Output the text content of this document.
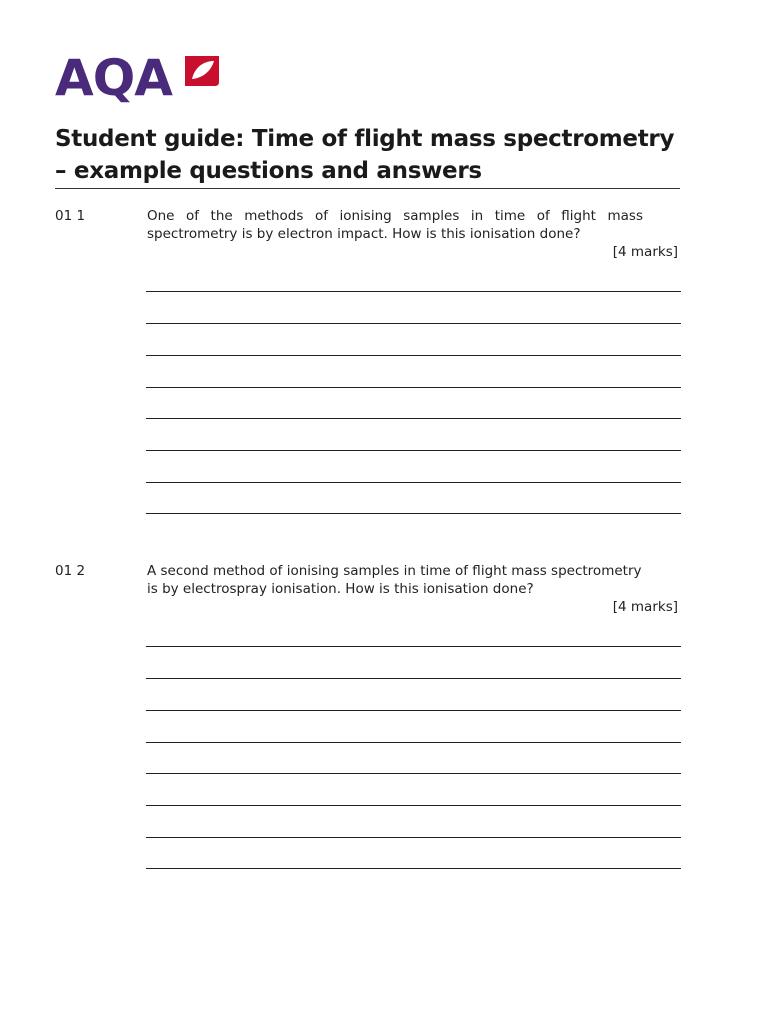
AQA
Student guide: Time of flight mass spectrometry – example questions and answers
01 1	One of the methods of ionising samples in time of flight mass spectrometry is by electron impact. How is this ionisation done?
[4 marks]
01 2	A second method of ionising samples in time of flight mass spectrometry is by electrospray ionisation. How is this ionisation done?
[4 marks]
